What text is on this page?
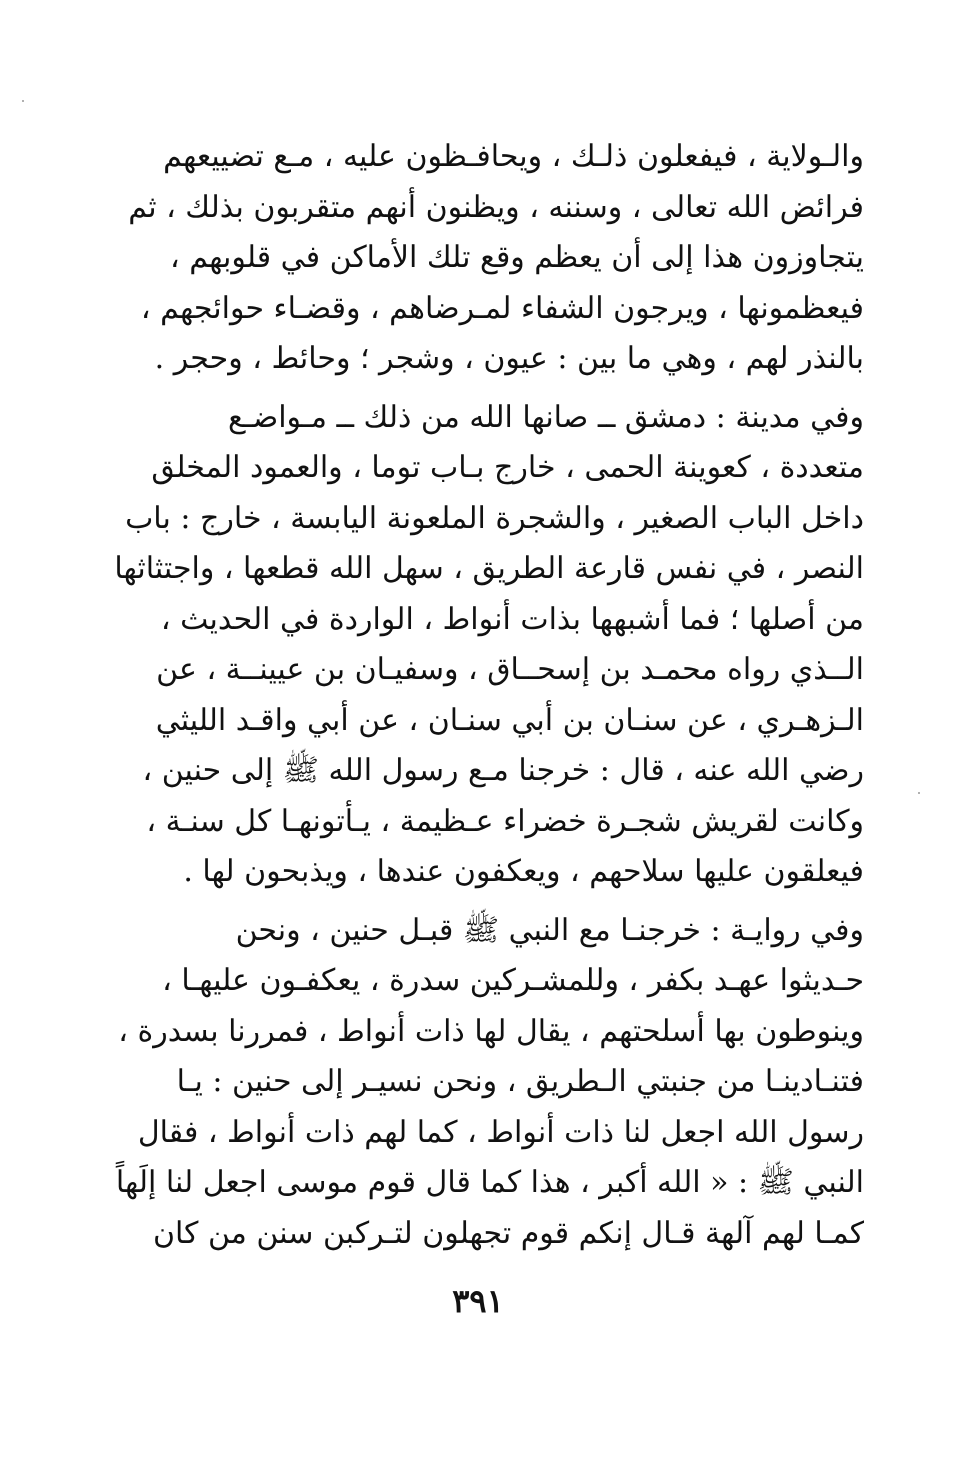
والـولاية ، فيفعلون ذلـك ، ويحافـظون عليه ، مـع تضييعهم
فرائض الله تعالى ، وسننه ، ويظنون أنهم متقربون بذلك ، ثم
يتجاوزون هذا إلى أن يعظم وقع تلك الأماكن في قلوبهم ،
فيعظمونها ، ويرجون الشفاء لمـرضاهم ، وقضـاء حوائجهم ،
بالنذر لهم ، وهي ما بين : عيون ، وشجر ؛ وحائط ، وحجر .
وفي مدينة : دمشق ــ صانها الله من ذلك ــ مـواضـع
متعددة ، كعوينة الحمى ، خارج بـاب توما ، والعمود المخلق
داخل الباب الصغير ، والشجرة الملعونة اليابسة ، خارج : باب
النصر ، في نفس قارعة الطريق ، سهل الله قطعها ، واجتثاثها
من أصلها ؛ فما أشبهها بذات أنواط ، الواردة في الحديث ،
الــذي رواه محمـد بن إسحــاق ، وسفيـان بن عيينــة ، عن
الـزهـري ، عن سنـان بن أبي سنـان ، عن أبي واقـد الليثي
رضي الله عنه ، قال : خرجنا مـع رسول الله ﷺ إلى حنين ،
وكانت لقريش شجـرة خضراء عـظيمة ، يـأتونهـا كل سنـة ،
فيعلقون عليها سلاحهم ، ويعكفون عندها ، ويذبحون لها .
وفي روايـة : خرجنـا مع النبي ﷺ قبـل حنين ، ونحن
حـديثوا عهـد بكفر ، وللمشـركين سدرة ، يعكفـون عليهـا ،
وينوطون بها أسلحتهم ، يقال لها ذات أنواط ، فمررنا بسدرة ،
فتنـادينـا من جنبتي الـطريق ، ونحن نسيـر إلى حنين : يـا
رسول الله اجعل لنا ذات أنواط ، كما لهم ذات أنواط ، فقال
النبي ﷺ : « الله أكبر ، هذا كما قال قوم موسى اجعل لنا إلَهاً
كمـا لهم آلهة قـال إنكم قوم تجهلون لتـركبن سنن من كان
٣٩١
